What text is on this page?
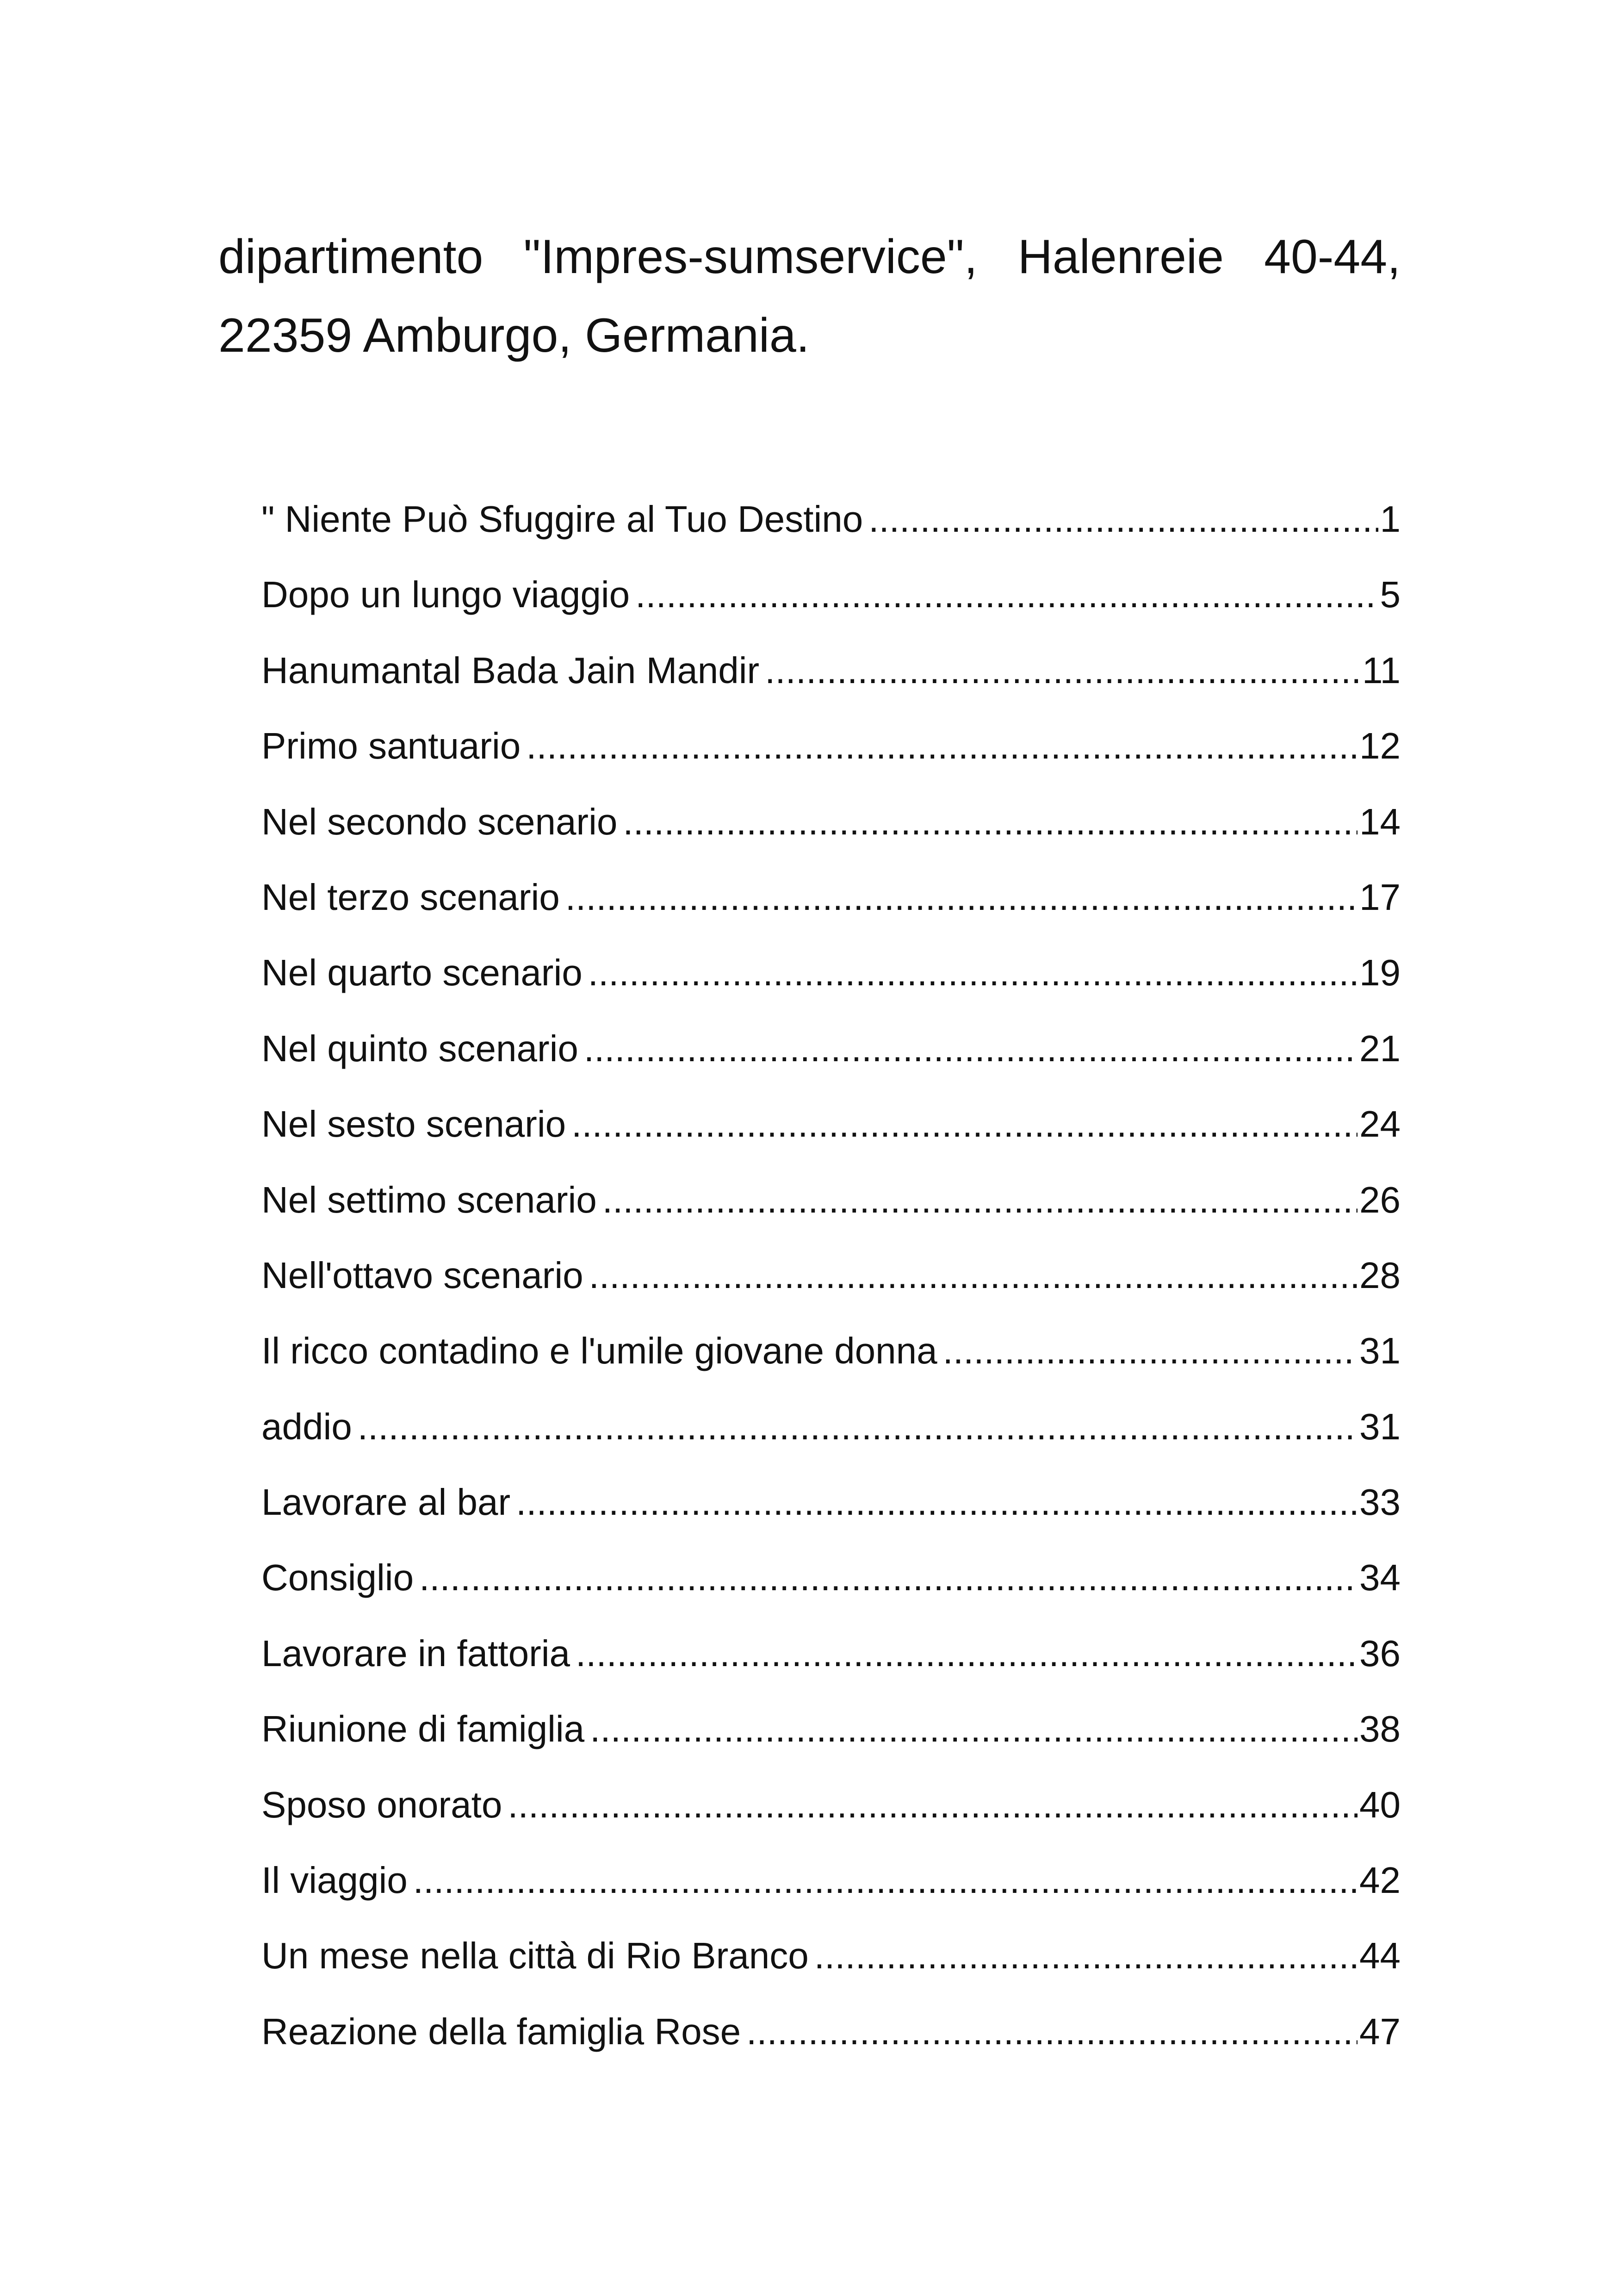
dipartimento "Impres-sumservice", Halenreie 40-44, 22359 Amburgo, Germania.

" Niente Può Sfuggire al Tuo Destino .....	1
Dopo un lungo viaggio .....	5
Hanumantal Bada Jain Mandir .....	11
Primo santuario .....	12
Nel secondo scenario .....	14
Nel terzo scenario .....	17
Nel quarto scenario .....	19
Nel quinto scenario .....	21
Nel sesto scenario .....	24
Nel settimo scenario .....	26
Nell'ottavo scenario .....	28
Il ricco contadino e l'umile giovane donna .....	31
addio .....	31
Lavorare al bar .....	33
Consiglio .....	34
Lavorare in fattoria .....	36
Riunione di famiglia .....	38
Sposo onorato .....	40
Il viaggio .....	42
Un mese nella città di Rio Branco .....	44
Reazione della famiglia Rose .....	47
